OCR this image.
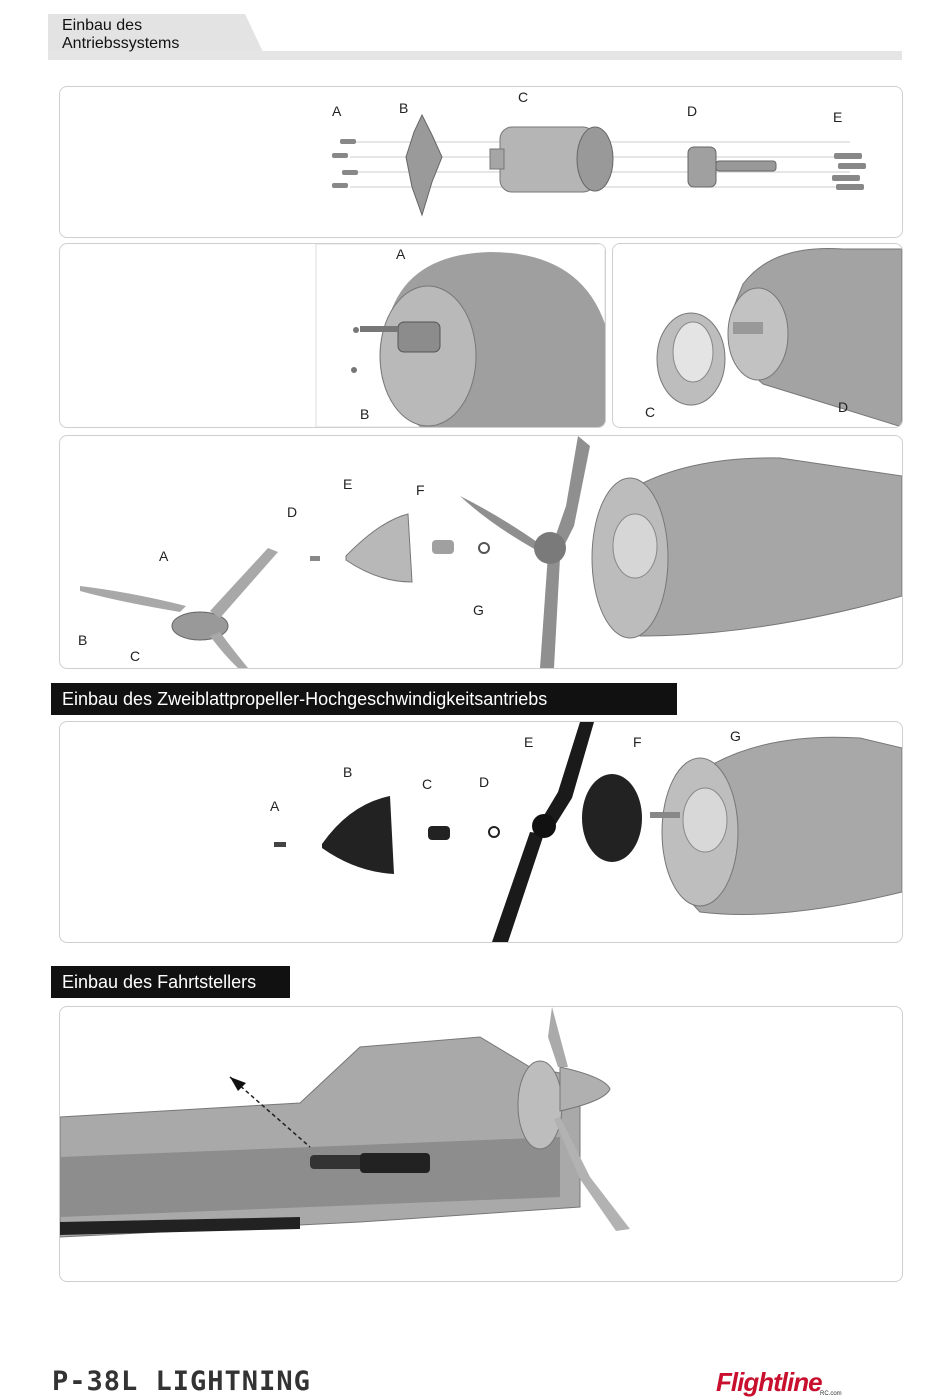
Einbau des
Antriebssystems
A	B
C
D	E
A
B	C	D
A
B
C
D
E	F
G
Einbau des Zweiblattpropeller-Hochgeschwindigkeitsantriebs
A
B
C	D
E	F	G
Einbau des Fahrtstellers
P-38L LIGHTNING	Flightline
RC.com
